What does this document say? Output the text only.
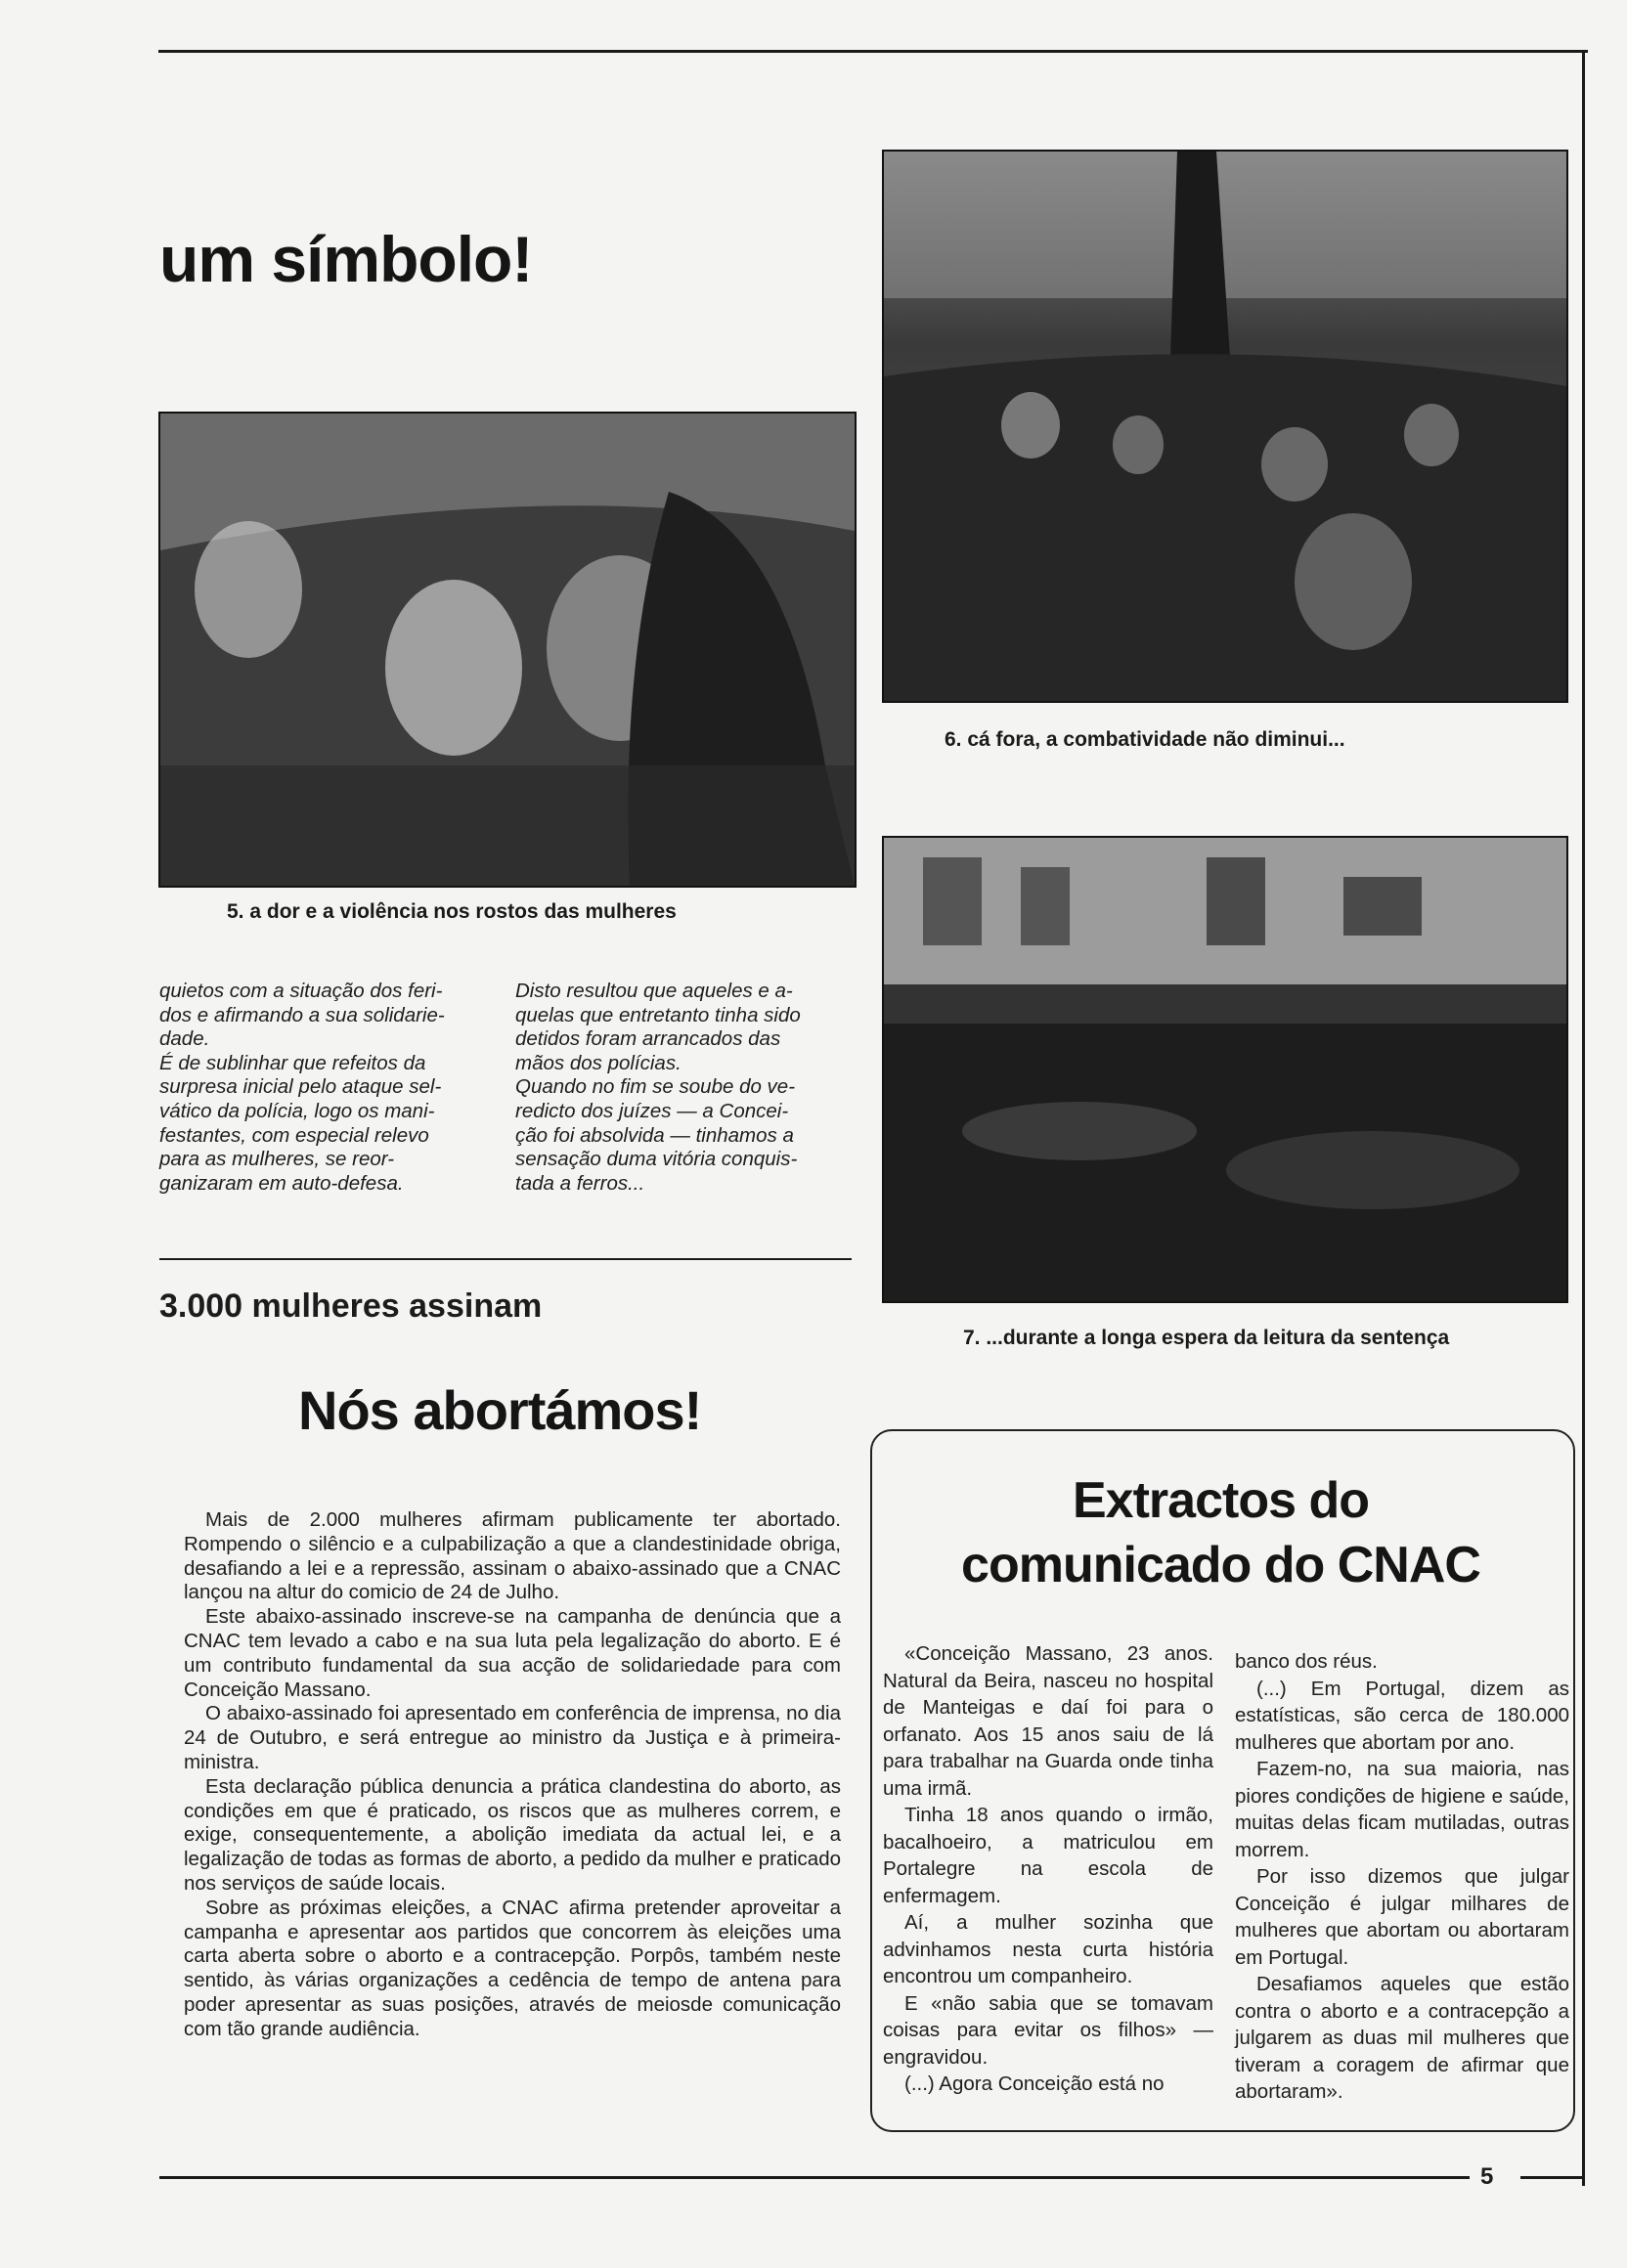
um símbolo!
6. cá fora, a combatividade não diminui...
5. a dor e a violência nos rostos das mulheres
7. ...durante a longa espera da leitura da sentença

quietos com a situação dos feri-

dos e afirmando a sua solidarie-

dade.

É de sublinhar que refeitos da

surpresa inicial pelo ataque sel-

vático da polícia, logo os mani-

festantes, com especial relevo

para as mulheres, se reor-

ganizaram em auto-defesa.

Disto resultou que aqueles e a-

quelas que entretanto tinha sido

detidos foram arrancados das

mãos dos polícias.

Quando no fim se soube do ve-

redicto dos juízes — a Concei-

ção foi absolvida — tinhamos a

sensação duma vitória conquis-

tada a ferros...

3.000 mulheres assinam
Nós abortámos!

Mais de 2.000 mulheres afirmam publicamente ter abortado. Rompendo o silêncio e a culpabilização a que a clandestinidade obriga, desafiando a lei e a repressão, assinam o abaixo-assinado que a CNAC lançou na altur do comicio de 24 de Julho.

Este abaixo-assinado inscreve-se na campanha de denúncia que a CNAC tem levado a cabo e na sua luta pela legalização do aborto. E é um contributo fundamental da sua acção de solidariedade para com Conceição Massano.

O abaixo-assinado foi apresentado em conferência de imprensa, no dia 24 de Outubro, e será entregue ao ministro da Justiça e à primeira-ministra.

Esta declaração pública denuncia a prática clandestina do aborto, as condições em que é praticado, os riscos que as mulheres correm, e exige, consequentemente, a abolição imediata da actual lei, e a legalização de todas as formas de aborto, a pedido da mulher e praticado nos serviços de saúde locais.

Sobre as próximas eleições, a CNAC afirma pretender aproveitar a campanha e apresentar aos partidos que concorrem às eleições uma carta aberta sobre o aborto e a contracepção. Porpôs, também neste sentido, às várias organizações a cedência de tempo de antena para poder apresentar as suas posições, através de meiosde comunicação com tão grande audiência.

Extractos do
comunicado do CNAC

«Conceição Massano, 23 anos. Natural da Beira, nasceu no hospital de Manteigas e daí foi para o orfanato. Aos 15 anos saiu de lá para trabalhar na Guarda onde tinha uma irmã.

Tinha 18 anos quando o irmão, bacalhoeiro, a matriculou em Portalegre na escola de enfermagem.

Aí, a mulher sozinha que advinhamos nesta curta história encontrou um companheiro.

E «não sabia que se tomavam coisas para evitar os filhos» — engravidou.

(...) Agora Conceição está no

banco dos réus.

(...) Em Portugal, dizem as estatísticas, são cerca de 180.000 mulheres que abortam por ano.

Fazem-no, na sua maioria, nas piores condições de higiene e saúde, muitas delas ficam mutiladas, outras morrem.

Por isso dizemos que julgar Conceição é julgar milhares de mulheres que abortam ou abortaram em Portugal.

Desafiamos aqueles que estão contra o aborto e a contracepção a julgarem as duas mil mulheres que tiveram a coragem de afirmar que abortaram».

5
